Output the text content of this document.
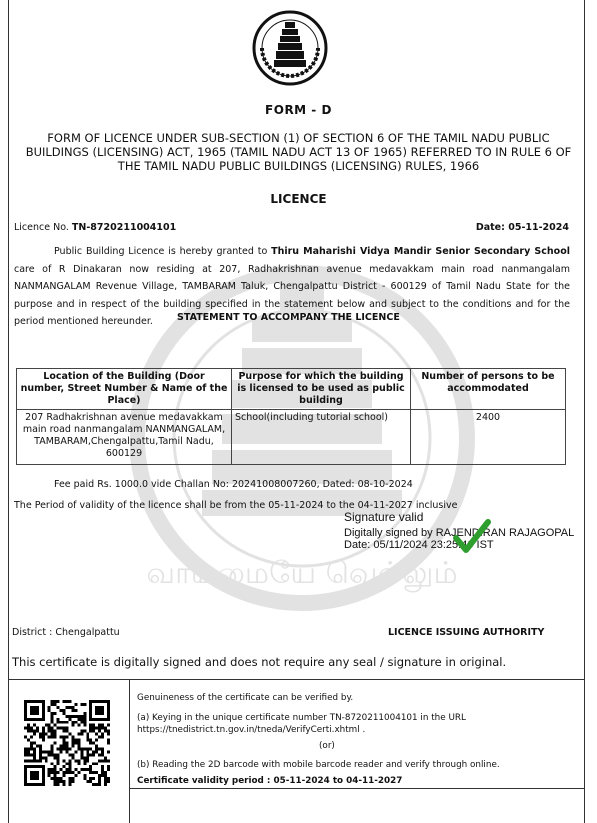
வாய்மையே வெல்லும்
FORM - D
FORM OF LICENCE UNDER SUB-SECTION (1) OF SECTION 6 OF THE TAMIL NADU PUBLIC BUILDINGS (LICENSING) ACT, 1965 (TAMIL NADU ACT 13 OF 1965) REFERRED TO IN RULE 6 OF THE TAMIL NADU PUBLIC BUILDINGS (LICENSING) RULES, 1966
LICENCE
Licence No. TN-8720211004101	Date: 05-11-2024
Public Building Licence is hereby granted to Thiru Maharishi Vidya Mandir Senior Secondary School care of R Dinakaran now residing at 207, Radhakrishnan avenue medavakkam main road nanmangalam NANMANGALAM Revenue Village, TAMBARAM Taluk, Chengalpattu District - 600129 of Tamil Nadu State for the purpose and in respect of the building specified in the statement below and subject to the conditions and for the period mentioned hereunder.	STATEMENT TO ACCOMPANY THE LICENCE
Location of the Building (Door number, Street Number & Name of the Place)	Purpose for which the building is licensed to be used as public building	Number of persons to be accommodated
207 Radhakrishnan avenue medavakkam main road nanmangalam NANMANGALAM, TAMBARAM,Chengalpattu,Tamil Nadu, 600129	School(including tutorial school)	2400
Fee paid Rs. 1000.0 vide Challan No: 20241008007260, Dated: 08-10-2024
The Period of validity of the licence shall be from the 05-11-2024 to the 04-11-2027 inclusive
Signature valid
Digitally signed by RAJENDIRAN RAJAGOPAL
Date: 05/11/2024 23:25:40 IST
District : Chengalpattu	LICENCE ISSUING AUTHORITY
This certificate is digitally signed and does not require any seal / signature in original.
Genuineness of the certificate can be verified by.
(a) Keying in the unique certificate number TN-8720211004101 in the URL https://tnedistrict.tn.gov.in/tneda/VerifyCerti.xhtml .
(or)
(b) Reading the 2D barcode with mobile barcode reader and verify through online.
Certificate validity period : 05-11-2024 to 04-11-2027
